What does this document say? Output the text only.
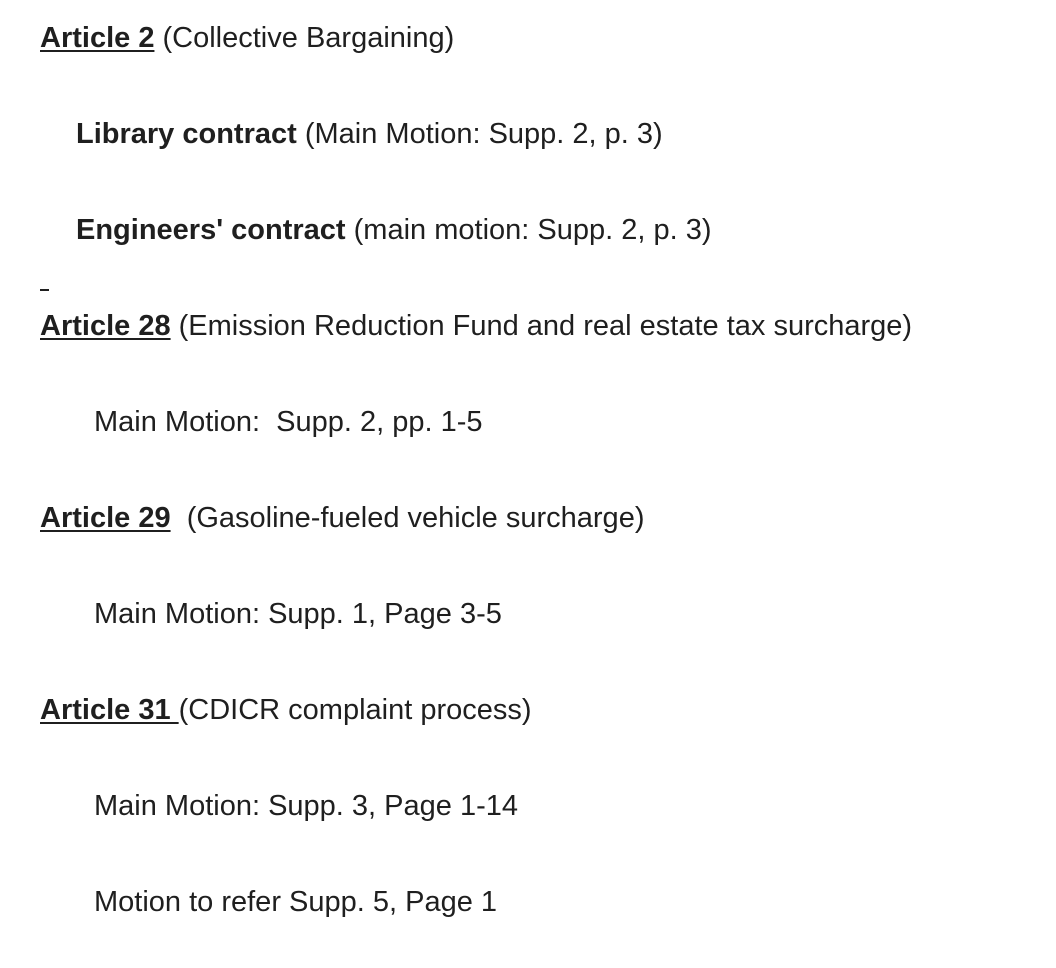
Article 2 (Collective Bargaining)
Library contract (Main Motion: Supp. 2, p. 3)
Engineers' contract (main motion: Supp. 2, p. 3)
Article 28 (Emission Reduction Fund and real estate tax surcharge)
Main Motion:  Supp. 2, pp. 1-5
Article 29  (Gasoline-fueled vehicle surcharge)
Main Motion: Supp. 1, Page 3-5
Article 31 (CDICR complaint process)
Main Motion: Supp. 3, Page 1-14
Motion to refer Supp. 5, Page 1
